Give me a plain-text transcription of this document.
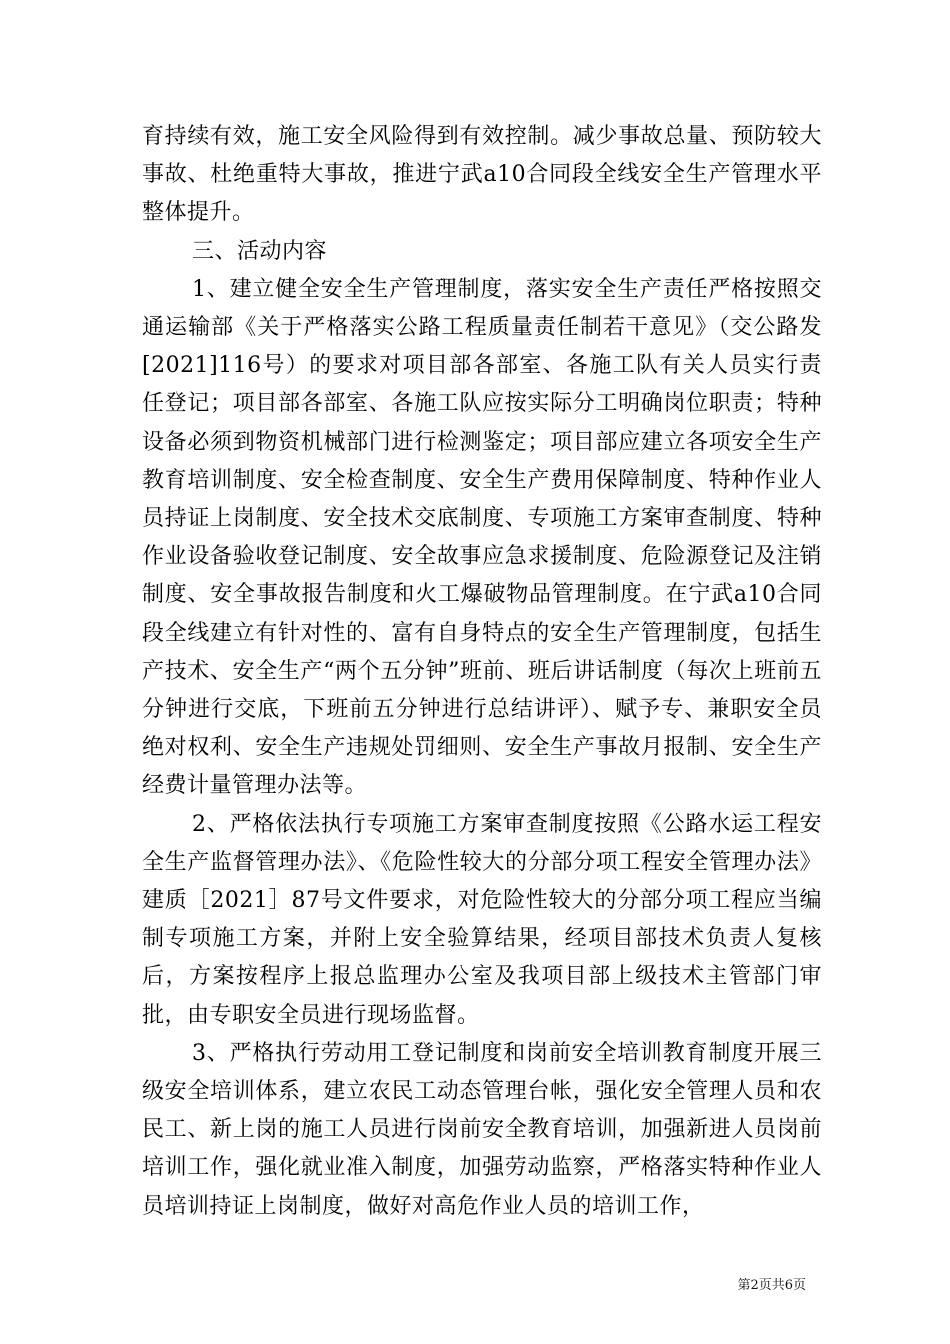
育持续有效，施工安全风险得到有效控制。减少事故总量、预防较大事故、杜绝重特大事故，推进宁武a10合同段全线安全生产管理水平整体提升。

三、活动内容

1、建立健全安全生产管理制度，落实安全生产责任严格按照交通运输部《关于严格落实公路工程质量责任制若干意见》（交公路发[2021]116号）的要求对项目部各部室、各施工队有关人员实行责任登记；项目部各部室、各施工队应按实际分工明确岗位职责；特种设备必须到物资机械部门进行检测鉴定；项目部应建立各项安全生产教育培训制度、安全检查制度、安全生产费用保障制度、特种作业人员持证上岗制度、安全技术交底制度、专项施工方案审查制度、特种作业设备验收登记制度、安全故事应急求援制度、危险源登记及注销制度、安全事故报告制度和火工爆破物品管理制度。在宁武a10合同段全线建立有针对性的、富有自身特点的安全生产管理制度，包括生产技术、安全生产“两个五分钟”班前、班后讲话制度（每次上班前五分钟进行交底，下班前五分钟进行总结讲评）、赋予专、兼职安全员绝对权利、安全生产违规处罚细则、安全生产事故月报制、安全生产经费计量管理办法等。

2、严格依法执行专项施工方案审查制度按照《公路水运工程安全生产监督管理办法》、《危险性较大的分部分项工程安全管理办法》建质［2021］87号文件要求，对危险性较大的分部分项工程应当编制专项施工方案，并附上安全验算结果，经项目部技术负责人复核后，方案按程序上报总监理办公室及我项目部上级技术主管部门审批，由专职安全员进行现场监督。

3、严格执行劳动用工登记制度和岗前安全培训教育制度开展三级安全培训体系，建立农民工动态管理台帐，强化安全管理人员和农民工、新上岗的施工人员进行岗前安全教育培训，加强新进人员岗前培训工作，强化就业准入制度，加强劳动监察，严格落实特种作业人员培训持证上岗制度，做好对高危作业人员的培训工作，

第2页共6页
